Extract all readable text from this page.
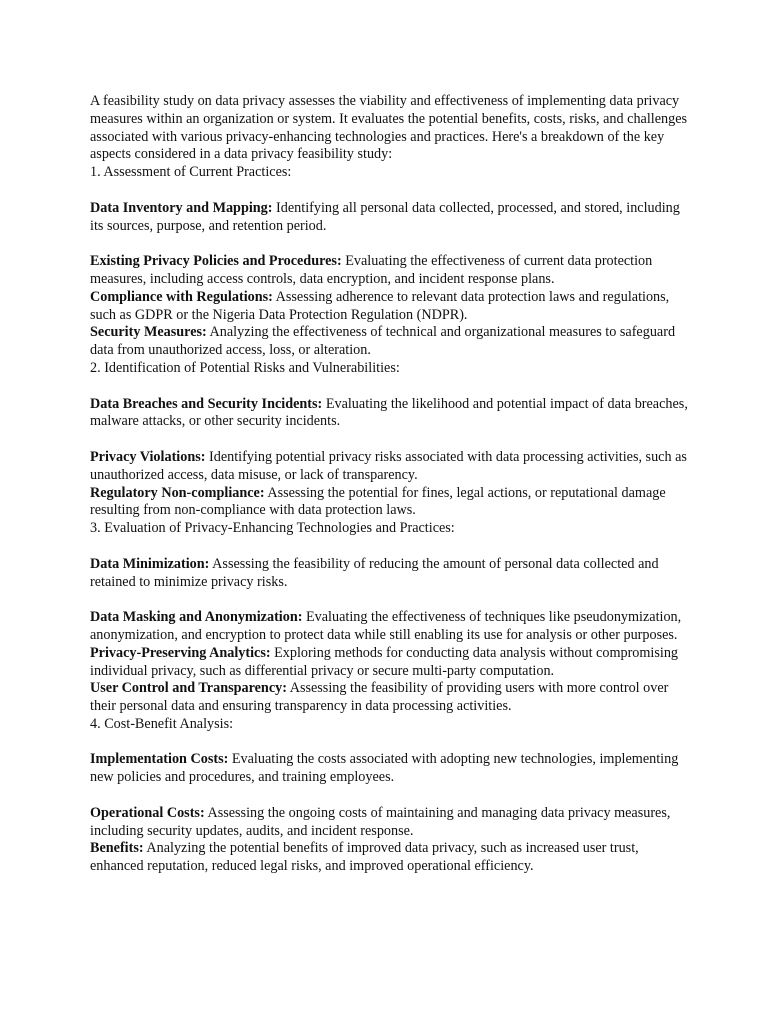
A feasibility study on data privacy assesses the viability and effectiveness of implementing data privacy measures within an organization or system. It evaluates the potential benefits, costs, risks, and challenges associated with various privacy-enhancing technologies and practices. Here's a breakdown of the key aspects considered in a data privacy feasibility study:

1. Assessment of Current Practices:

Data Inventory and Mapping: Identifying all personal data collected, processed, and stored, including its sources, purpose, and retention period.

Existing Privacy Policies and Procedures: Evaluating the effectiveness of current data protection measures, including access controls, data encryption, and incident response plans.

Compliance with Regulations: Assessing adherence to relevant data protection laws and regulations, such as GDPR or the Nigeria Data Protection Regulation (NDPR).

Security Measures: Analyzing the effectiveness of technical and organizational measures to safeguard data from unauthorized access, loss, or alteration.

2. Identification of Potential Risks and Vulnerabilities:

Data Breaches and Security Incidents: Evaluating the likelihood and potential impact of data breaches, malware attacks, or other security incidents.

Privacy Violations: Identifying potential privacy risks associated with data processing activities, such as unauthorized access, data misuse, or lack of transparency.

Regulatory Non-compliance: Assessing the potential for fines, legal actions, or reputational damage resulting from non-compliance with data protection laws.

3. Evaluation of Privacy-Enhancing Technologies and Practices:

Data Minimization: Assessing the feasibility of reducing the amount of personal data collected and retained to minimize privacy risks.

Data Masking and Anonymization: Evaluating the effectiveness of techniques like pseudonymization, anonymization, and encryption to protect data while still enabling its use for analysis or other purposes.

Privacy-Preserving Analytics: Exploring methods for conducting data analysis without compromising individual privacy, such as differential privacy or secure multi-party computation.

User Control and Transparency: Assessing the feasibility of providing users with more control over their personal data and ensuring transparency in data processing activities.

4. Cost-Benefit Analysis:

Implementation Costs: Evaluating the costs associated with adopting new technologies, implementing new policies and procedures, and training employees.

Operational Costs: Assessing the ongoing costs of maintaining and managing data privacy measures, including security updates, audits, and incident response.

Benefits: Analyzing the potential benefits of improved data privacy, such as increased user trust, enhanced reputation, reduced legal risks, and improved operational efficiency.
